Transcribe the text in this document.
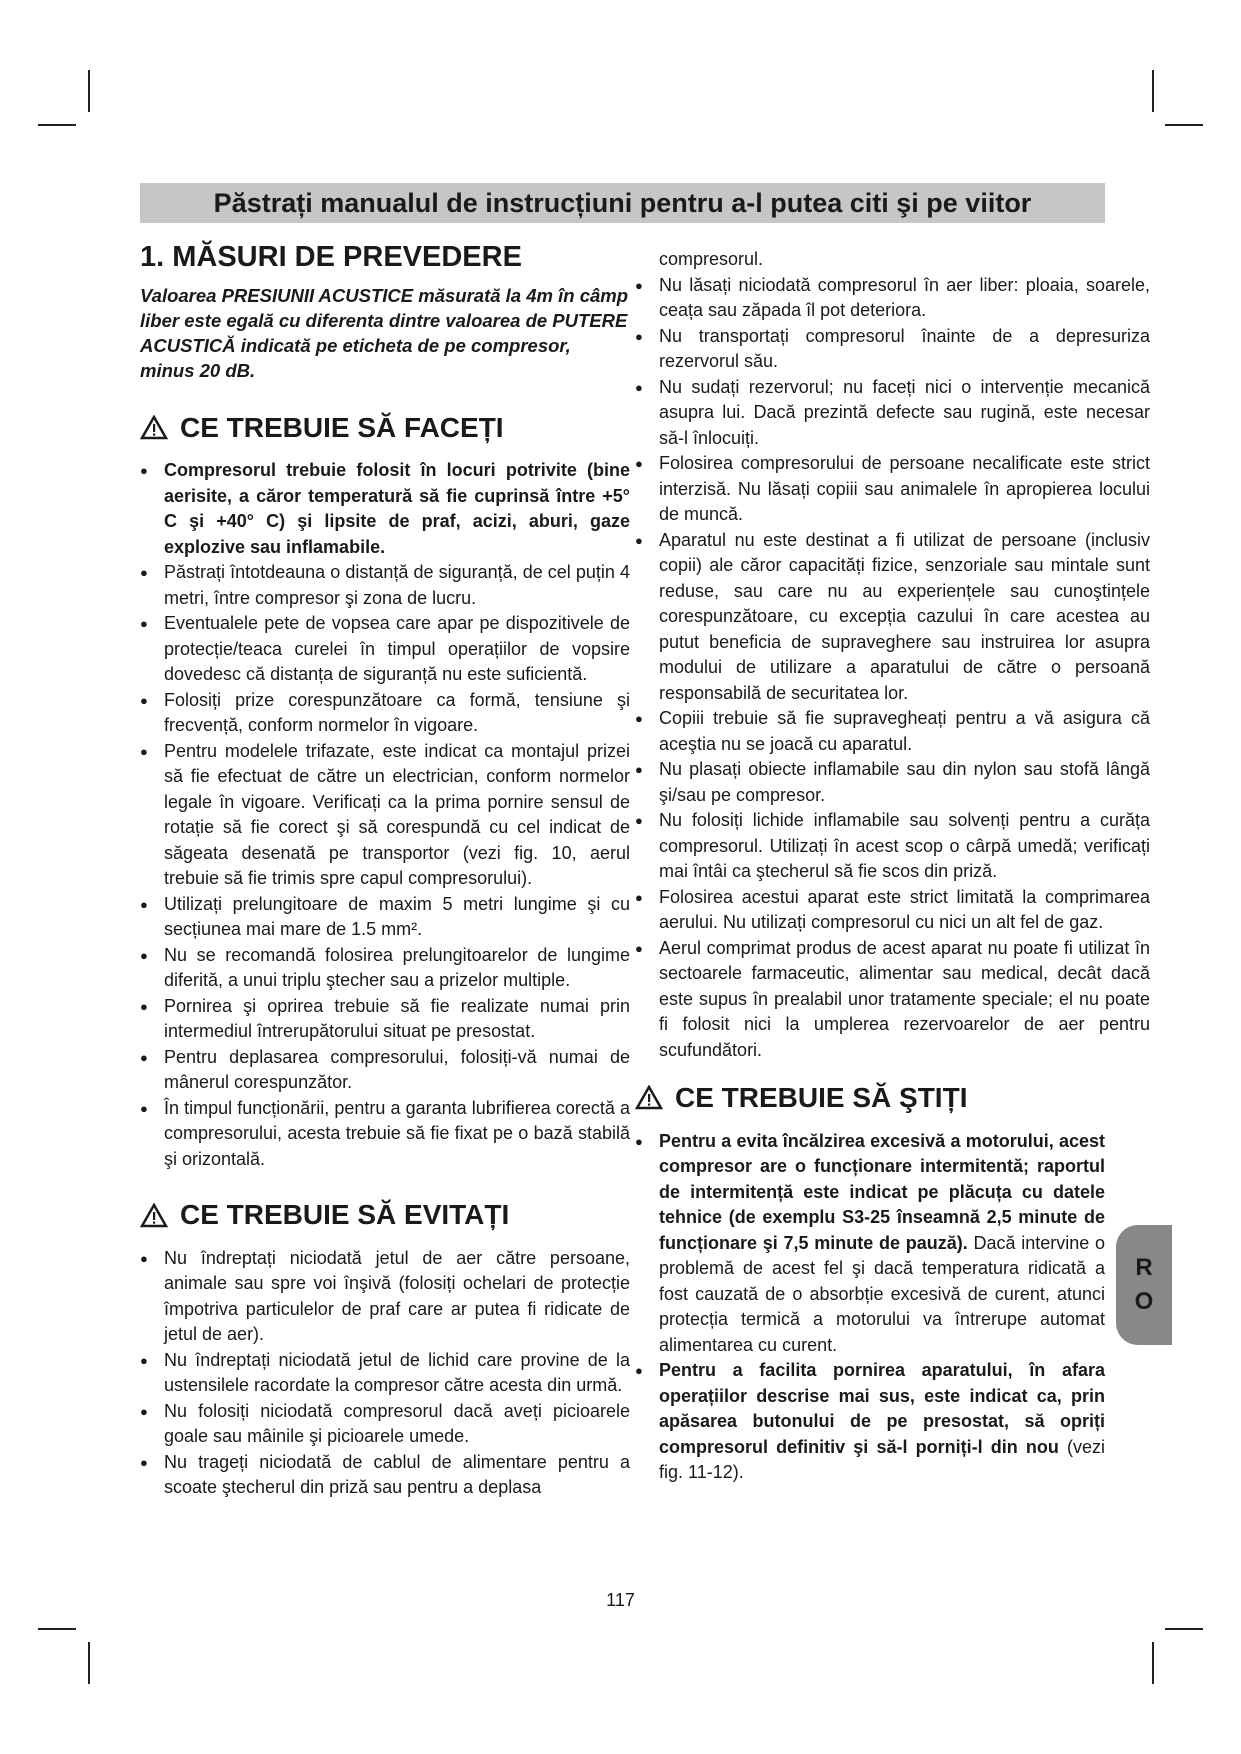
Păstrați manualul de instrucțiuni pentru a-l putea citi şi pe viitor
1. MĂSURI DE PREVEDERE

Valoarea PRESIUNII ACUSTICE măsurată la 4m în câmp liber este egală cu diferenta dintre valoarea de PUTERE ACUSTICĂ indicată pe eticheta de pe compresor, minus 20 dB.

CE TREBUIE SĂ FACEȚI
● Compresorul trebuie folosit în locuri potrivite (bine aerisite, a căror temperatură să fie cuprinsă între +5° C şi +40° C) şi lipsite de praf, acizi, aburi, gaze explozive sau inflamabile.
● Păstrați întotdeauna o distanță de siguranță, de cel puțin 4 metri, între compresor şi zona de lucru.
● Eventualele pete de vopsea care apar pe dispozitivele de protecție/teaca curelei în timpul operațiilor de vopsire dovedesc că distanța de siguranță nu este suficientă.
● Folosiți prize corespunzătoare ca formă, tensiune şi frecvență, conform normelor în vigoare.
● Pentru modelele trifazate, este indicat ca montajul prizei să fie efectuat de către un electrician, conform normelor legale în vigoare. Verificați ca la prima pornire sensul de rotație să fie corect şi să corespundă cu cel indicat de săgeata desenată pe transportor (vezi fig. 10, aerul trebuie să fie trimis spre capul compresorului).
● Utilizați prelungitoare de maxim 5 metri lungime şi cu secțiunea mai mare de 1.5 mm².
● Nu se recomandă folosirea prelungitoarelor de lungime diferită, a unui triplu ştecher sau a prizelor multiple.
● Pornirea şi oprirea trebuie să fie realizate numai prin intermediul întrerupătorului situat pe presostat.
● Pentru deplasarea compresorului, folosiți-vă numai de mânerul corespunzător.
● În timpul funcționării, pentru a garanta lubrifierea corectă a compresorului, acesta trebuie să fie fixat pe o bază stabilă şi orizontală.
CE TREBUIE SĂ EVITAȚI
● Nu îndreptați niciodată jetul de aer către persoane, animale sau spre voi înşivă (folosiți ochelari de protecție împotriva particulelor de praf care ar putea fi ridicate de jetul de aer).
● Nu îndreptați niciodată jetul de lichid care provine de la ustensilele racordate la compresor către acesta din urmă.
● Nu folosiți niciodată compresorul dacă aveți picioarele goale sau mâinile şi picioarele umede.
● Nu trageți niciodată de cablul de alimentare pentru a scoate ştecherul din priză sau pentru a deplasa

compresorul.

● Nu lăsați niciodată compresorul în aer liber: ploaia, soarele, ceața sau zăpada îl pot deteriora.
● Nu transportați compresorul înainte de a depresuriza rezervorul său.
● Nu sudați rezervorul; nu faceți nici o intervenție mecanică asupra lui. Dacă prezintă defecte sau rugină, este necesar să-l înlocuiți.
● Folosirea compresorului de persoane necalificate este strict interzisă. Nu lăsați copiii sau animalele în apropierea locului de muncă.
● Aparatul nu este destinat a fi utilizat de persoane (inclusiv copii) ale căror capacități fizice, senzoriale sau mintale sunt reduse, sau care nu au experiențele sau cunoştințele corespunzătoare, cu excepția cazului în care acestea au putut beneficia de supraveghere sau instruirea lor asupra modului de utilizare a aparatului de către o persoană responsabilă de securitatea lor.
● Copiii trebuie să fie supravegheați pentru a vă asigura că aceştia nu se joacă cu aparatul.
● Nu plasați obiecte inflamabile sau din nylon sau stofă lângă şi/sau pe compresor.
● Nu folosiți lichide inflamabile sau solvenți pentru a curăța compresorul. Utilizați în acest scop o cârpă umedă; verificați mai întâi ca ştecherul să fie scos din priză.
● Folosirea acestui aparat este strict limitată la comprimarea aerului. Nu utilizați compresorul cu nici un alt fel de gaz.
● Aerul comprimat produs de acest aparat nu poate fi utilizat în sectoarele farmaceutic, alimentar sau medical, decât dacă este supus în prealabil unor tratamente speciale; el nu poate fi folosit nici la umplerea rezervoarelor de aer pentru scufundători.
CE TREBUIE SĂ ŞTIȚI
● Pentru a evita încălzirea excesivă a motorului, acest compresor are o funcționare intermitentă; raportul de intermitență este indicat pe plăcuța cu datele tehnice (de exemplu S3-25 înseamnă 2,5 minute de funcționare şi 7,5 minute de pauză). Dacă intervine o problemă de acest fel şi dacă temperatura ridicată a fost cauzată de o absorbție excesivă de curent, atunci protecția termică a motorului va întrerupe automat alimentarea cu curent.
● Pentru a facilita pornirea aparatului, în afara operațiilor descrise mai sus, este indicat ca, prin apăsarea butonului de pe presostat, să opriți compresorul definitiv şi să-l porniți-l din nou (vezi fig. 11-12).
R
O
117
